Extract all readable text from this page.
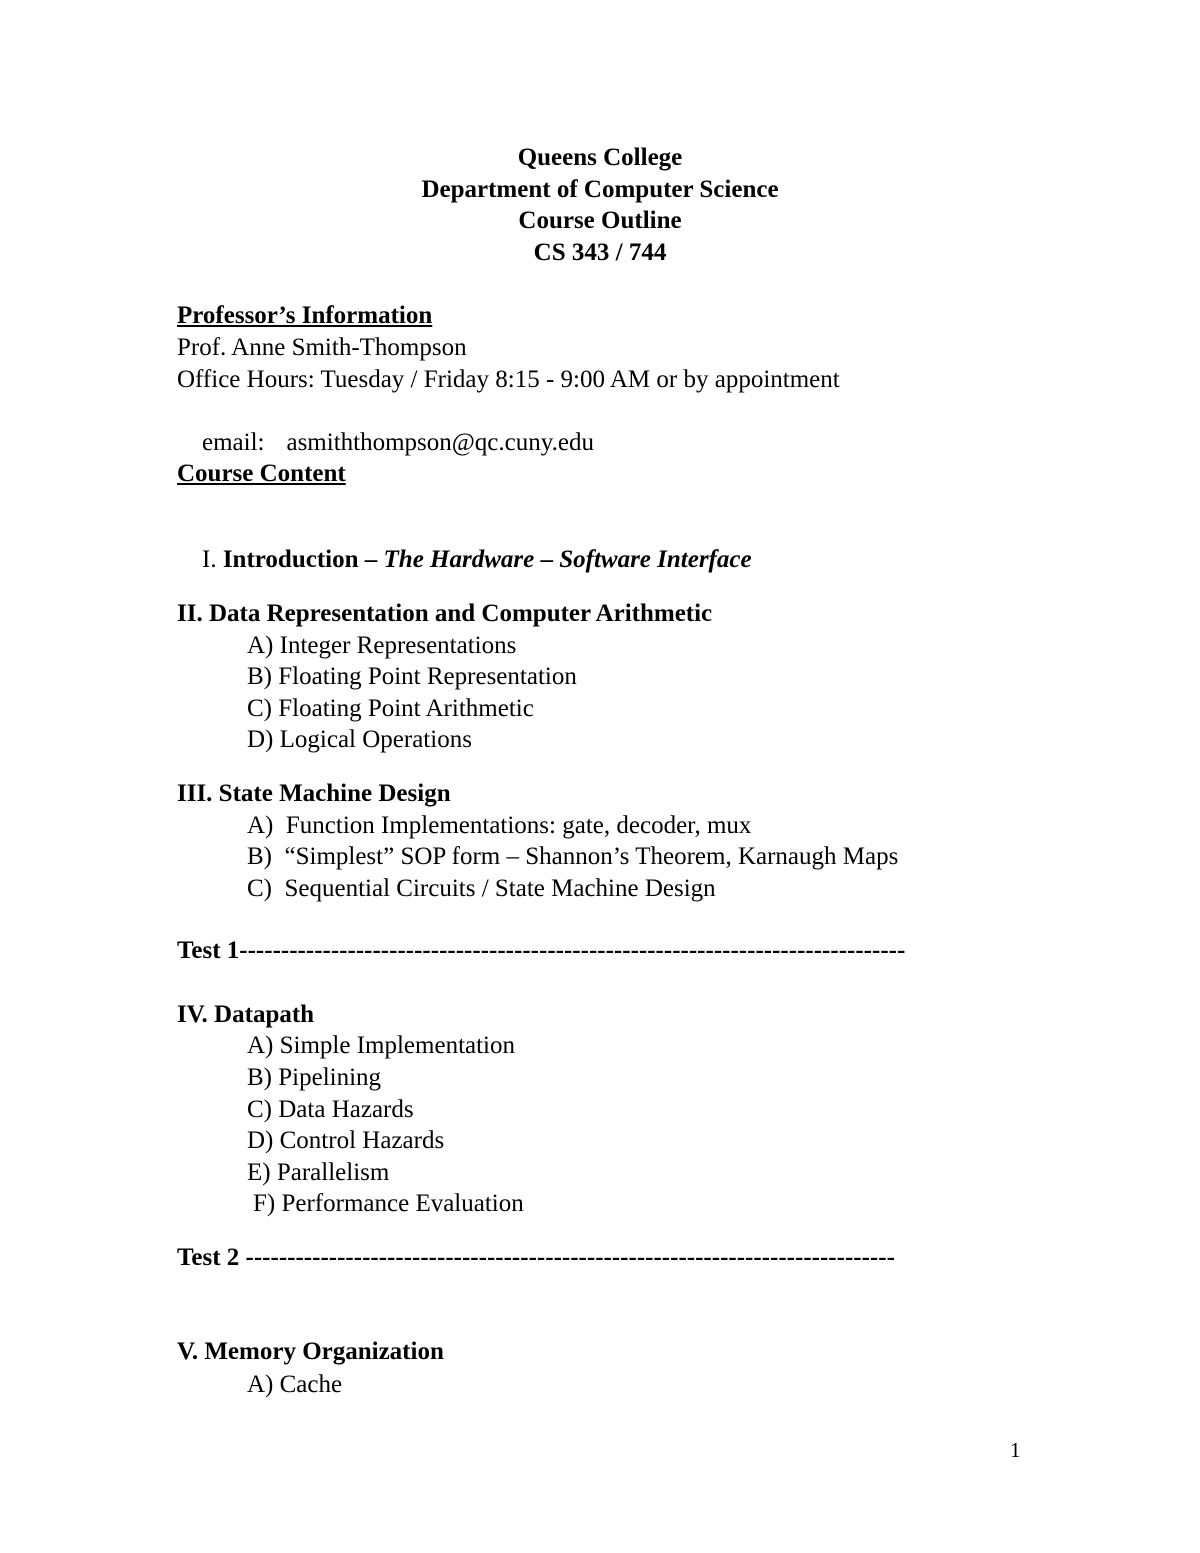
Queens College
Department of Computer Science
Course Outline
CS 343 / 744
Professor’s Information
Prof. Anne Smith-Thompson
Office Hours: Tuesday / Friday 8:15 - 9:00 AM or by appointment

email: asmiththompson@qc.cuny.edu

Course Content

I. Introduction – The Hardware – Software Interface

II. Data Representation and Computer Arithmetic
A) Integer Representations
B) Floating Point Representation
C) Floating Point Arithmetic
D) Logical Operations
III. State Machine Design
A)  Function Implementations: gate, decoder, mux
B)  “Simplest” SOP form – Shannon’s Theorem, Karnaugh Maps
C)  Sequential Circuits / State Machine Design
Test 1--------------------------------------------------------------------------------
IV. Datapath
A) Simple Implementation
B) Pipelining
C) Data Hazards
D) Control Hazards
E) Parallelism
F) Performance Evaluation
Test 2 ------------------------------------------------------------------------------
V. Memory Organization
A) Cache
1
